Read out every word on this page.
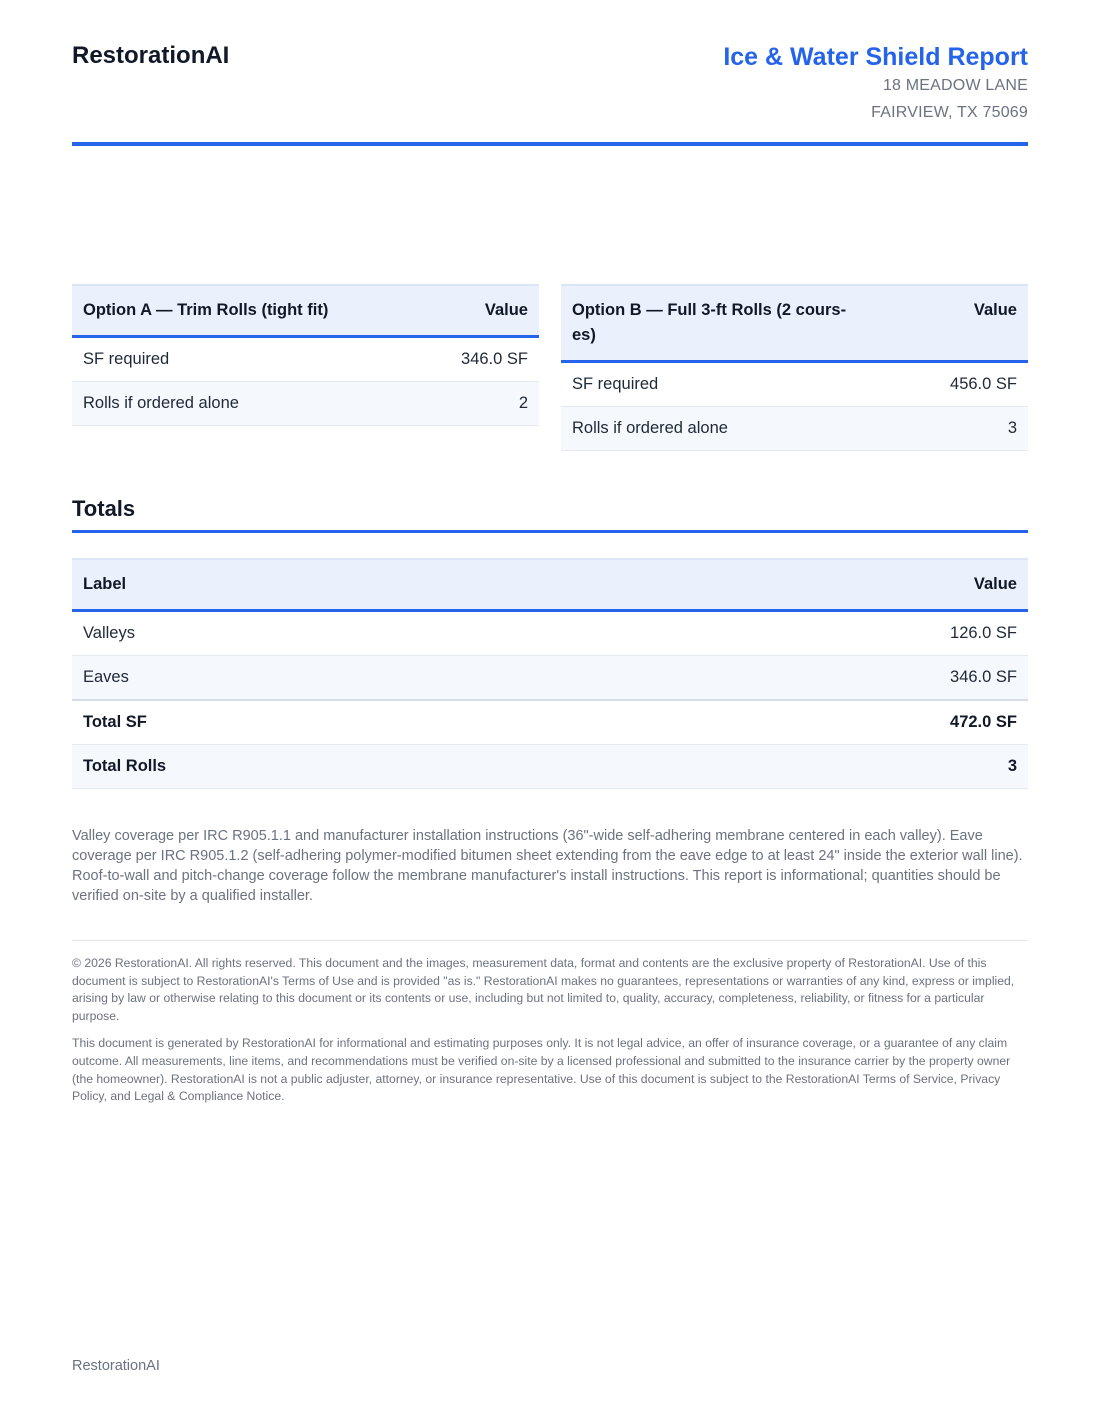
RestorationAI	Ice & Water Shield Report
18 MEADOW LANE
FAIRVIEW, TX 75069
Option A — Trim Rolls (tight fit)	Value
SF required	346.0 SF
Rolls if ordered alone	2
Option B — Full 3-ft Rolls (2 cours-es)	Value
SF required	456.0 SF
Rolls if ordered alone	3
Totals
Label	Value
Valleys	126.0 SF
Eaves	346.0 SF
Total SF	472.0 SF
Total Rolls	3
Valley coverage per IRC R905.1.1 and manufacturer installation instructions (36"-wide self-adhering membrane centered in each valley). Eave coverage per IRC R905.1.2 (self-adhering polymer-modified bitumen sheet extending from the eave edge to at least 24" inside the exterior wall line). Roof-to-wall and pitch-change coverage follow the membrane manufacturer's install instructions. This report is informational; quantities should be verified on-site by a qualified installer.

© 2026 RestorationAI. All rights reserved. This document and the images, measurement data, format and contents are the exclusive property of RestorationAI. Use of this document is subject to RestorationAI's Terms of Use and is provided "as is." RestorationAI makes no guarantees, representations or warranties of any kind, express or implied, arising by law or otherwise relating to this document or its contents or use, including but not limited to, quality, accuracy, completeness, reliability, or fitness for a particular purpose.

This document is generated by RestorationAI for informational and estimating purposes only. It is not legal advice, an offer of insurance coverage, or a guarantee of any claim outcome. All measurements, line items, and recommendations must be verified on-site by a licensed professional and submitted to the insurance carrier by the property owner (the homeowner). RestorationAI is not a public adjuster, attorney, or insurance representative. Use of this document is subject to the RestorationAI Terms of Service, Privacy Policy, and Legal & Compliance Notice.

RestorationAI
